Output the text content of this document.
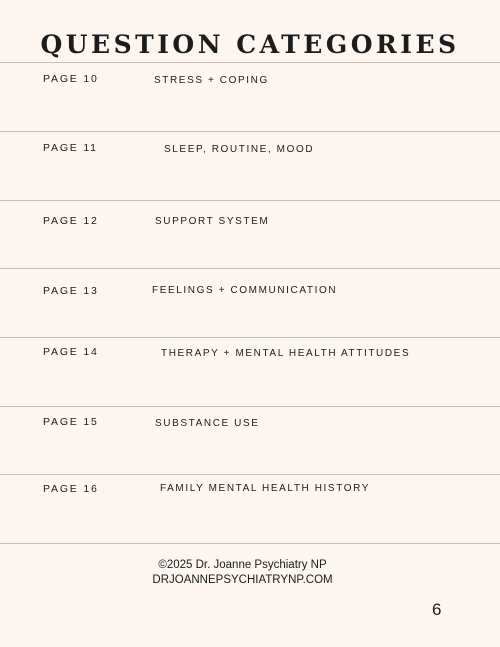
QUESTION CATEGORIES
PAGE 10	STRESS + COPING
PAGE 11	SLEEP, ROUTINE, MOOD
PAGE 12	SUPPORT SYSTEM
PAGE 13	FEELINGS + COMMUNICATION
PAGE 14	THERAPY + MENTAL HEALTH ATTITUDES
PAGE 15	SUBSTANCE USE
PAGE 16	FAMILY MENTAL HEALTH HISTORY
©2025 Dr. Joanne Psychiatry NP
DRJOANNEPSYCHIATRYNP.COM
6
